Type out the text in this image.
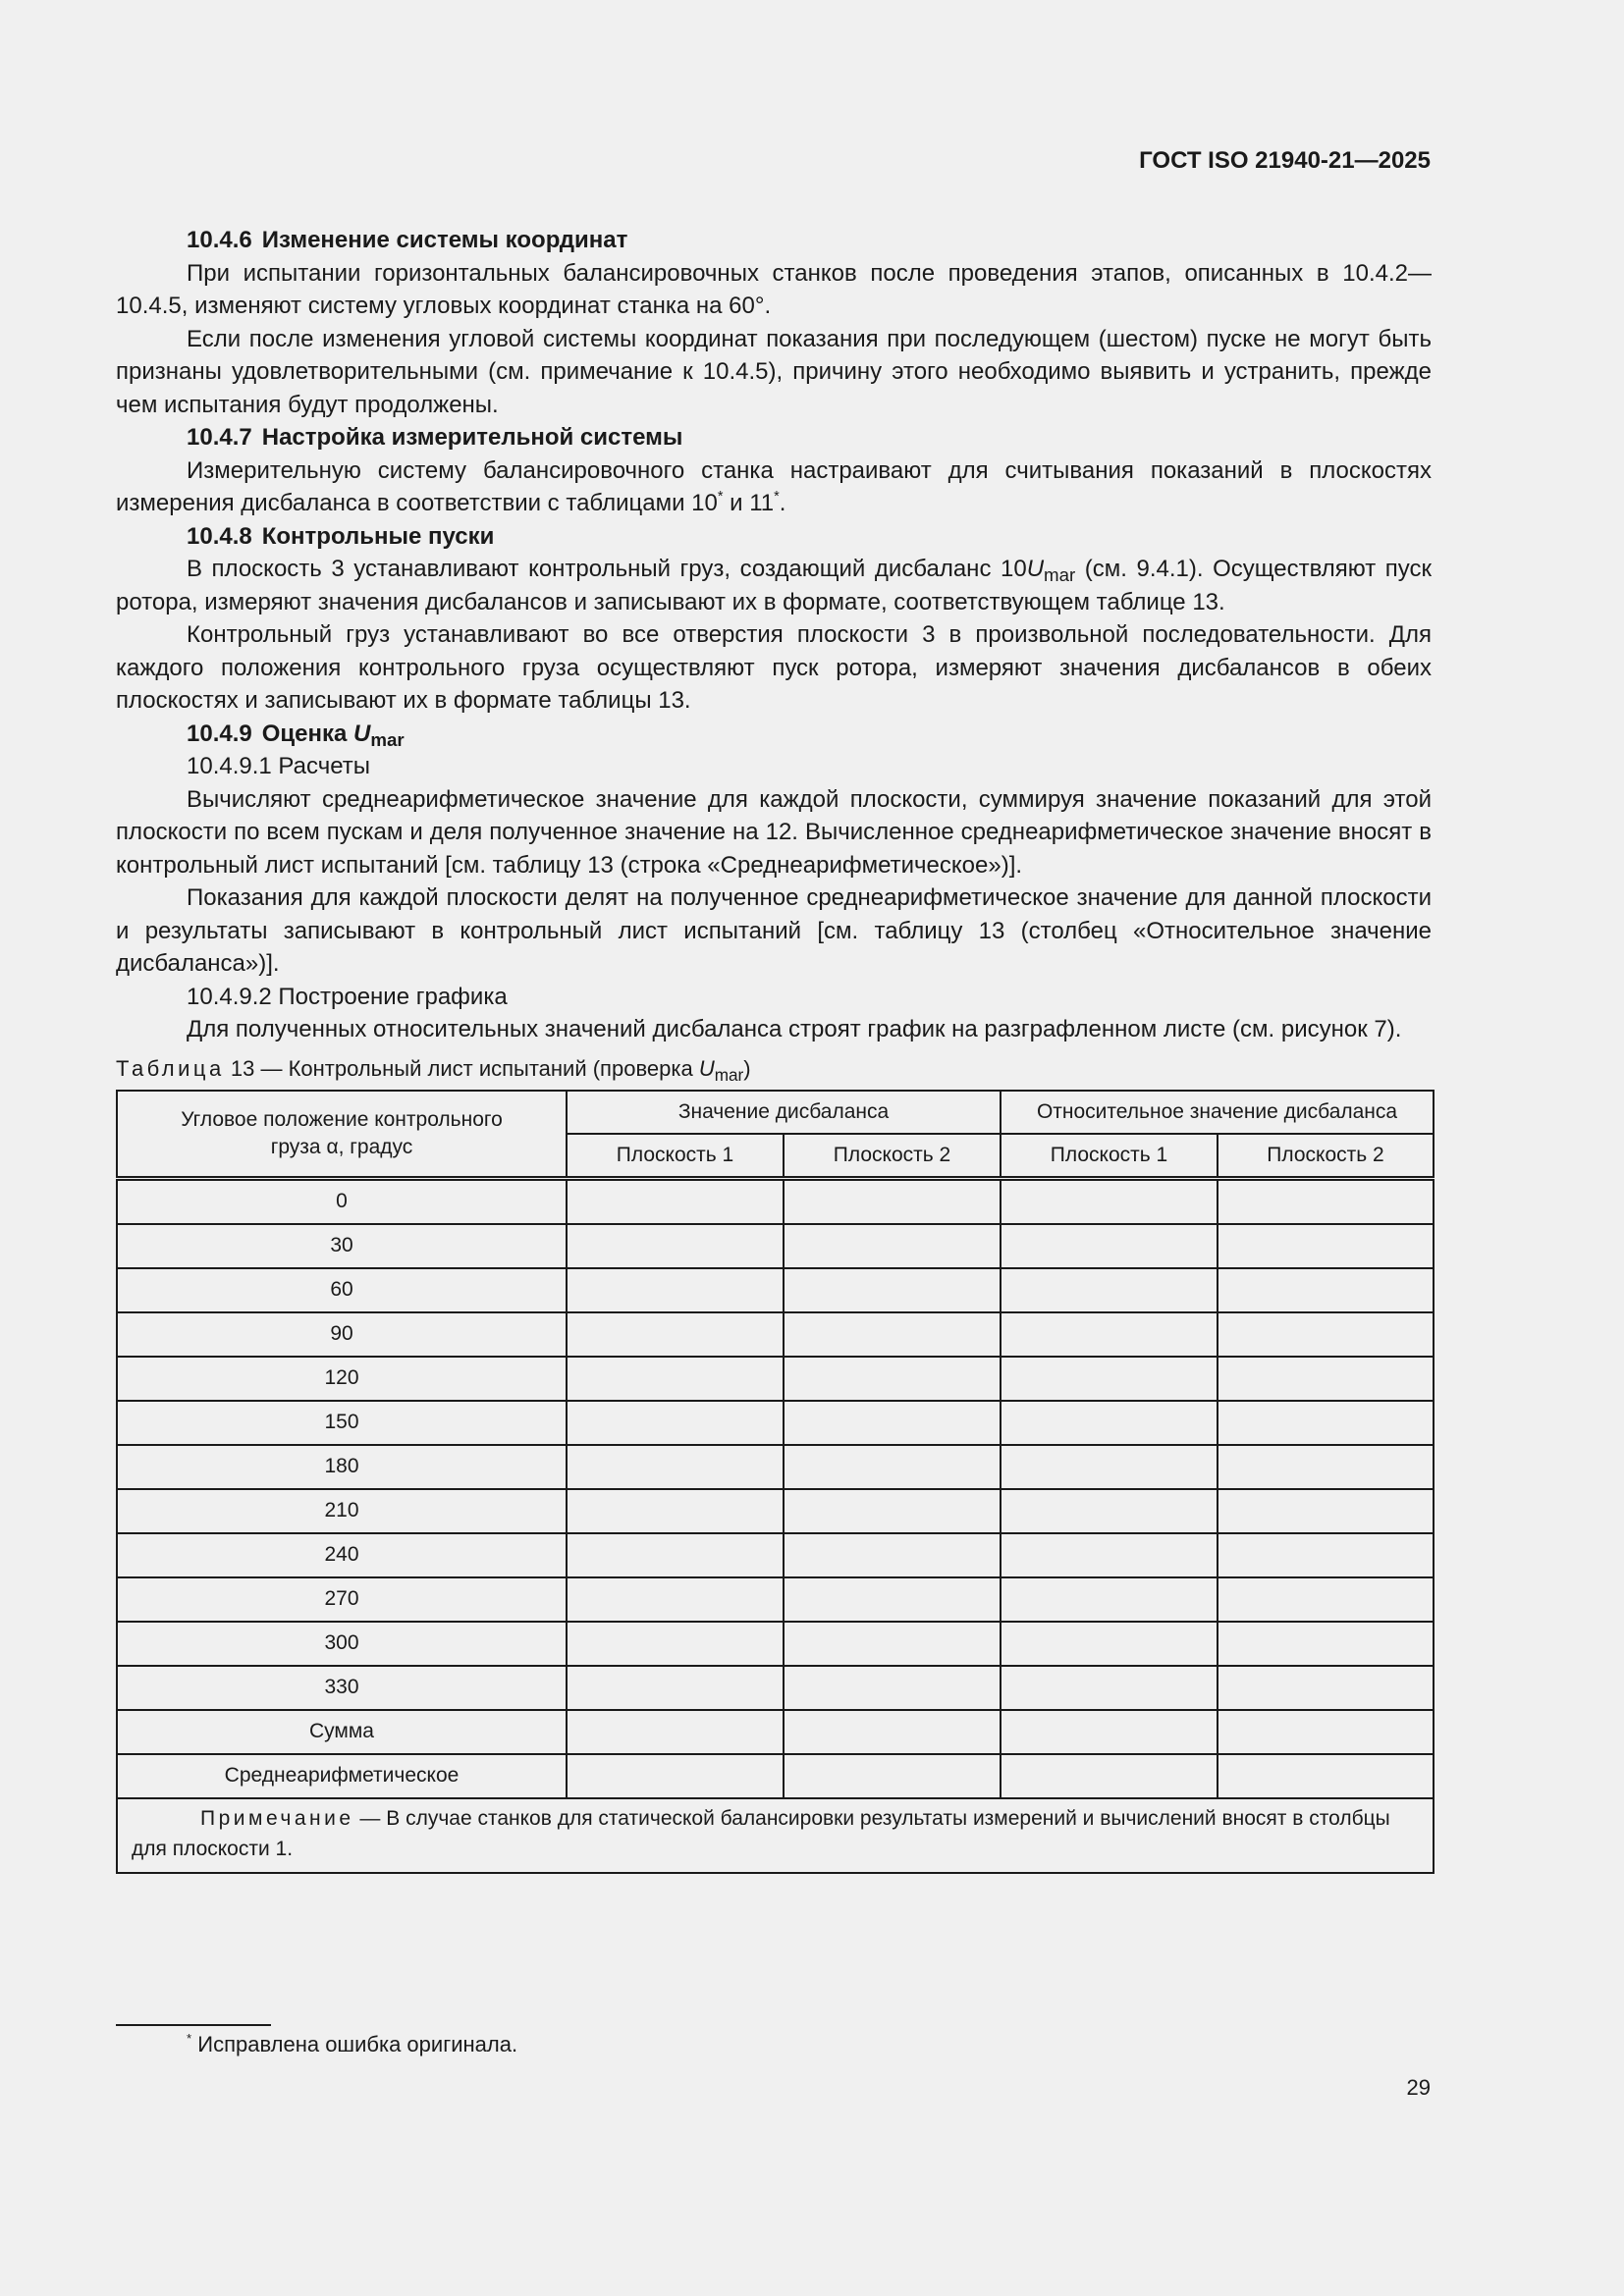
ГОСТ ISO 21940-21—2025

10.4.6 Изменение системы координат

При испытании горизонтальных балансировочных станков после проведения этапов, описанных в 10.4.2—10.4.5, изменяют систему угловых координат станка на 60°.

Если после изменения угловой системы координат показания при последующем (шестом) пуске не могут быть признаны удовлетворительными (см. примечание к 10.4.5), причину этого необходимо выявить и устранить, прежде чем испытания будут продолжены.

10.4.7 Настройка измерительной системы

Измерительную систему балансировочного станка настраивают для считывания показаний в плоскостях измерения дисбаланса в соответствии с таблицами 10* и 11*.

10.4.8 Контрольные пуски

В плоскость 3 устанавливают контрольный груз, создающий дисбаланс $10U_{mar}$ (см. 9.4.1). Осуществляют пуск ротора, измеряют значения дисбалансов и записывают их в формате, соответствующем таблице 13.

Контрольный груз устанавливают во все отверстия плоскости 3 в произвольной последовательности. Для каждого положения контрольного груза осуществляют пуск ротора, измеряют значения дисбалансов в обеих плоскостях и записывают их в формате таблицы 13.

10.4.9 Оценка $U_{mar}$

10.4.9.1 Расчеты

Вычисляют среднеарифметическое значение для каждой плоскости, суммируя значение показаний для этой плоскости по всем пускам и деля полученное значение на 12. Вычисленное среднеарифметическое значение вносят в контрольный лист испытаний [см. таблицу 13 (строка «Среднеарифметическое»)].

Показания для каждой плоскости делят на полученное среднеарифметическое значение для данной плоскости и результаты записывают в контрольный лист испытаний [см. таблицу 13 (столбец «Относительное значение дисбаланса»)].

10.4.9.2 Построение графика

Для полученных относительных значений дисбаланса строят график на разграфленном листе (см. рисунок 7).

Таблица 13 — Контрольный лист испытаний (проверка $U_{mar}$)
Угловое положение контрольного груза α, градус	Значение дисбаланса		Относительное значение дисбаланса	
	Плоскость 1	Плоскость 2	Плоскость 1	Плоскость 2
0				
30				
60				
90				
120				
150				
180				
210				
240				
270				
300				
330				
Сумма				
Среднеарифметическое				
Примечание — В случае станков для статической балансировки результаты измерений и вычислений вносят в столбцы для плоскости 1.				
* Исправлена ошибка оригинала.
29
